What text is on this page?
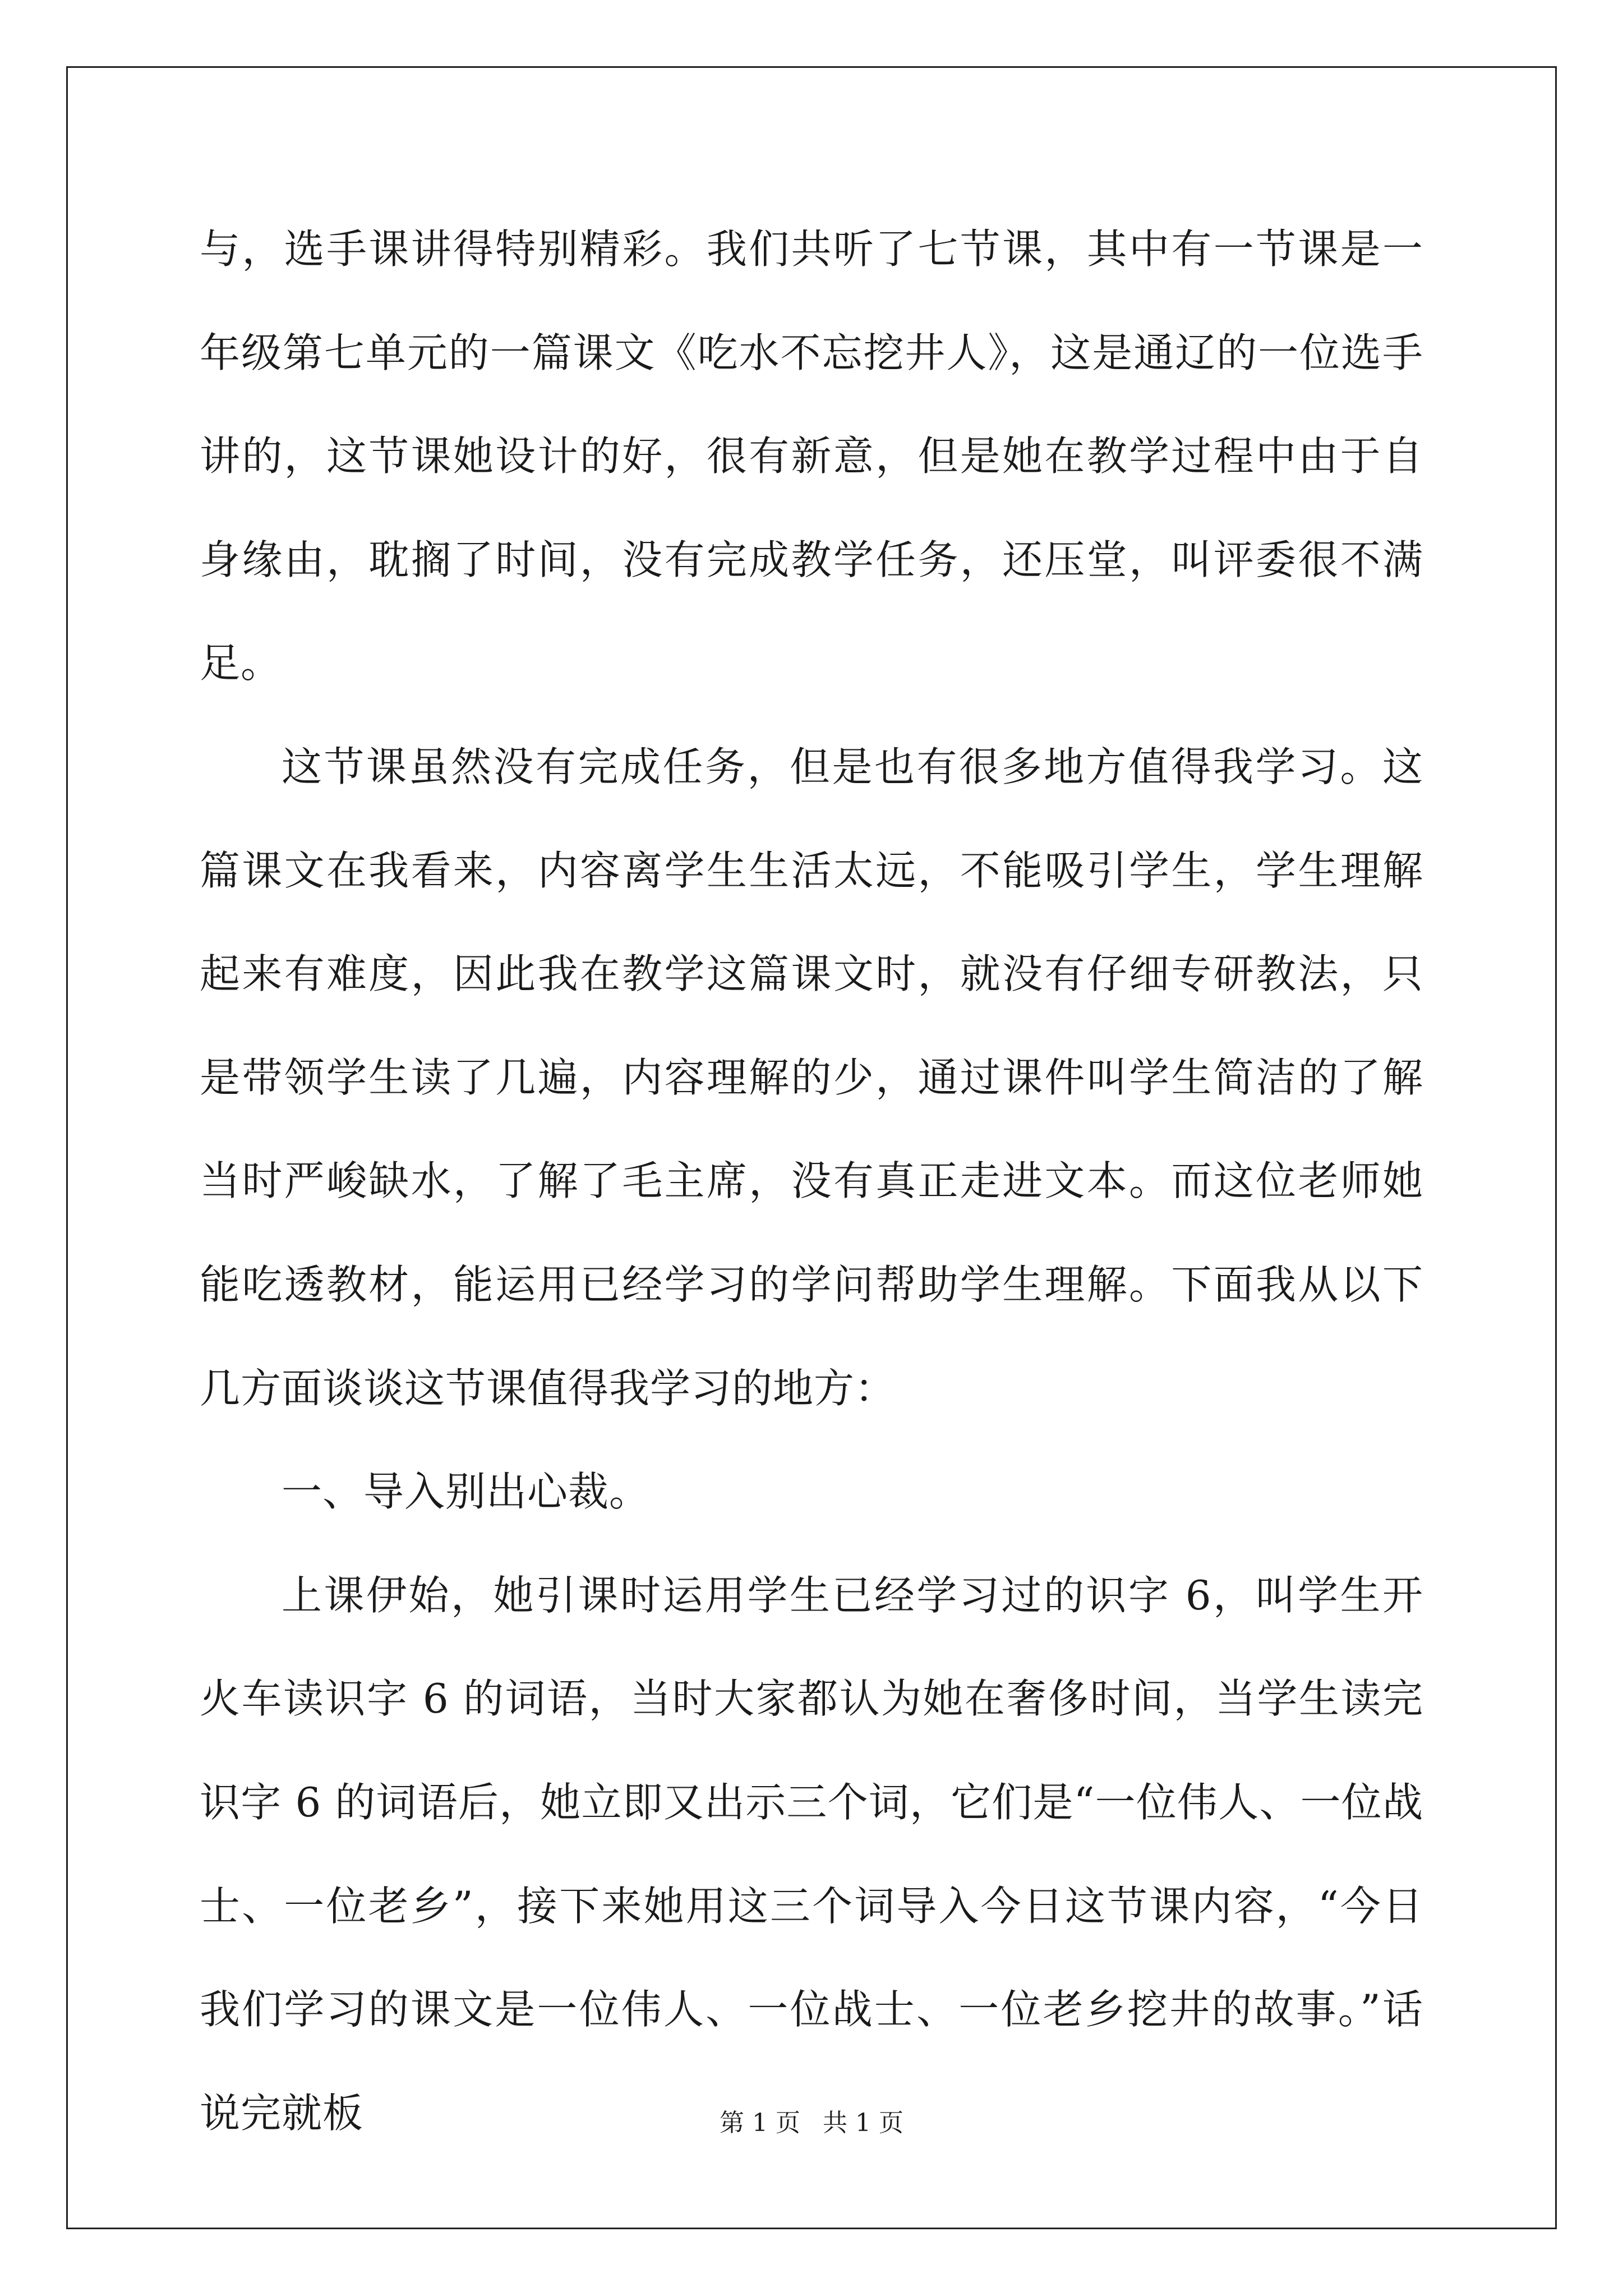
与，选手课讲得特别精彩。我们共听了七节课，其中有一节课是一年级第七单元的一篇课文《吃水不忘挖井人》，这是通辽的一位选手讲的，这节课她设计的好，很有新意，但是她在教学过程中由于自身缘由，耽搁了时间，没有完成教学任务，还压堂，叫评委很不满足。

这节课虽然没有完成任务，但是也有很多地方值得我学习。这篇课文在我看来，内容离学生生活太远，不能吸引学生，学生理解起来有难度，因此我在教学这篇课文时，就没有仔细专研教法，只是带领学生读了几遍，内容理解的少，通过课件叫学生简洁的了解当时严峻缺水，了解了毛主席，没有真正走进文本。而这位老师她能吃透教材，能运用已经学习的学问帮助学生理解。下面我从以下几方面谈谈这节课值得我学习的地方：

一、导入别出心裁。

上课伊始，她引课时运用学生已经学习过的识字 6，叫学生开火车读识字 6 的词语，当时大家都认为她在奢侈时间，当学生读完识字 6 的词语后，她立即又出示三个词，它们是“一位伟人、一位战士、一位老乡”，接下来她用这三个词导入今日这节课内容，“今日我们学习的课文是一位伟人、一位战士、一位老乡挖井的故事。”话说完就板	第 1 页 共 1 页
